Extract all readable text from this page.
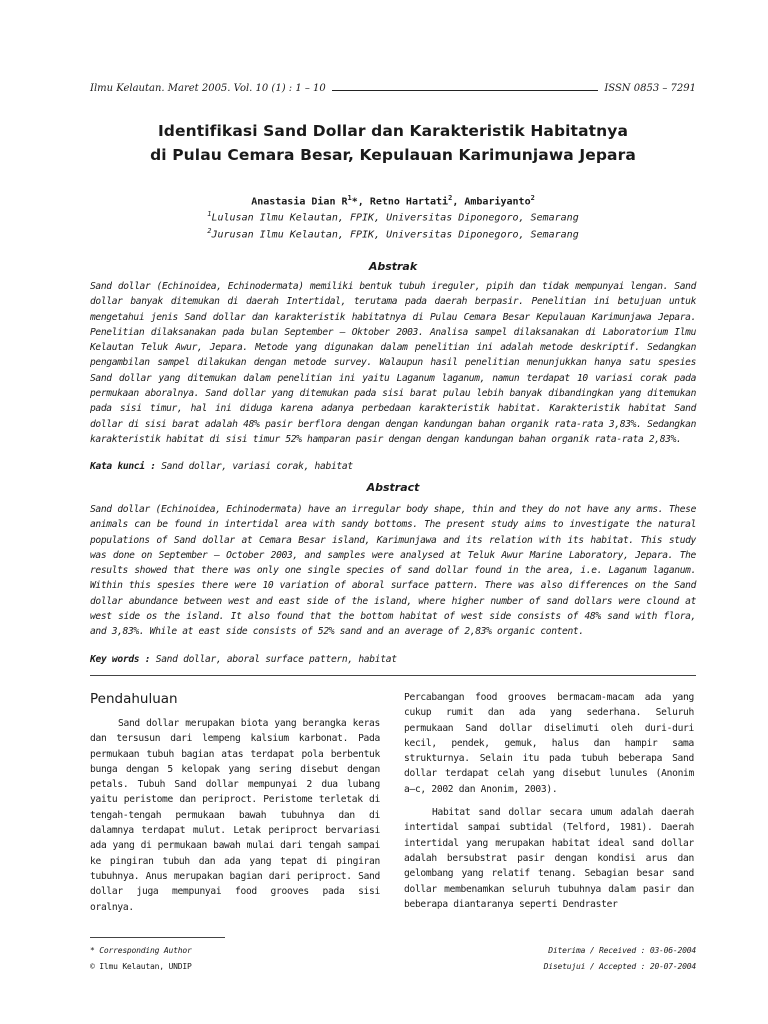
Ilmu Kelautan. Maret 2005. Vol. 10 (1) : 1 – 10	ISSN 0853 – 7291
Identifikasi Sand Dollar dan Karakteristik Habitatnya
di Pulau Cemara Besar, Kepulauan Karimunjawa Jepara
Anastasia Dian $R^1*$, Retno Hartati$^2$, Ambariyanto$^2$
$^1$Lulusan Ilmu Kelautan, FPIK, Universitas Diponegoro, Semarang
$^2$Jurusan Ilmu Kelautan, FPIK, Universitas Diponegoro, Semarang
Abstrak
Sand dollar (Echinoidea, Echinodermata) memiliki bentuk tubuh ireguler, pipih dan tidak mempunyai lengan. Sand dollar banyak ditemukan di daerah Intertidal, terutama pada daerah berpasir. Penelitian ini betujuan untuk mengetahui jenis Sand dollar dan karakteristik habitatnya di Pulau Cemara Besar Kepulauan Karimunjawa Jepara. Penelitian dilaksanakan pada bulan September – Oktober 2003. Analisa sampel dilaksanakan di Laboratorium Ilmu Kelautan Teluk Awur, Jepara. Metode yang digunakan dalam penelitian ini adalah metode deskriptif. Sedangkan pengambilan sampel dilakukan dengan metode survey. Walaupun hasil penelitian menunjukkan hanya satu spesies Sand dollar yang ditemukan dalam penelitian ini yaitu Laganum laganum, namun terdapat 10 variasi corak pada permukaan aboralnya. Sand dollar yang ditemukan pada sisi barat pulau lebih banyak dibandingkan yang ditemukan pada sisi timur, hal ini diduga karena adanya perbedaan karakteristik habitat. Karakteristik habitat Sand dollar di sisi barat adalah 48% pasir berflora dengan dengan kandungan bahan organik rata-rata 3,83%. Sedangkan karakteristik habitat di sisi timur 52% hamparan pasir dengan dengan kandungan bahan organik rata-rata 2,83%.
Kata kunci : Sand dollar, variasi corak, habitat
Abstract
Sand dollar (Echinoidea, Echinodermata) have an irregular body shape, thin and they do not have any arms. These animals can be found in intertidal area with sandy bottoms. The present study aims to investigate the natural populations of Sand dollar at Cemara Besar island, Karimunjawa and its relation with its habitat. This study was done on September – October 2003, and samples were analysed at Teluk Awur Marine Laboratory, Jepara. The results showed that there was only one single species of sand dollar found in the area, i.e. Laganum laganum. Within this spesies there were 10 variation of aboral surface pattern. There was also differences on the Sand dollar abundance between west and east side of the island, where higher number of sand dollars were clound at west side os the island. It also found that the bottom habitat of west side consists of 48% sand with flora, and 3,83%. While at east side consists of 52% sand and an average of 2,83% organic content.
Key words : Sand dollar, aboral surface pattern, habitat

Pendahuluan

Sand dollar merupakan biota yang berangka keras dan tersusun dari lempeng kalsium karbonat. Pada permukaan tubuh bagian atas terdapat pola berbentuk bunga dengan 5 kelopak yang sering disebut dengan petals. Tubuh Sand dollar mempunyai 2 dua lubang yaitu peristome dan periproct. Peristome terletak di tengah-tengah permukaan bawah tubuhnya dan di dalamnya terdapat mulut. Letak periproct bervariasi ada yang di permukaan bawah mulai dari tengah sampai ke pingiran tubuh dan ada yang tepat di pingiran tubuhnya. Anus merupakan bagian dari periproct. Sand dollar juga mempunyai food grooves pada sisi oralnya.

Percabangan food grooves bermacam-macam ada yang cukup rumit dan ada yang sederhana. Seluruh permukaan Sand dollar diselimuti oleh duri-duri kecil, pendek, gemuk, halus dan hampir sama strukturnya. Selain itu pada tubuh beberapa Sand dollar terdapat celah yang disebut lunules (Anonim a–c, 2002 dan Anonim, 2003).

Habitat sand dollar secara umum adalah daerah intertidal sampai subtidal (Telford, 1981). Daerah intertidal yang merupakan habitat ideal sand dollar adalah bersubstrat pasir dengan kondisi arus dan gelombang yang relatif tenang. Sebagian besar sand dollar membenamkan seluruh tubuhnya dalam pasir dan beberapa diantaranya seperti Dendraster

* Corresponding Author
© Ilmu Kelautan, UNDIP
Diterima / Received : 03-06-2004
Disetujui / Accepted : 20-07-2004
